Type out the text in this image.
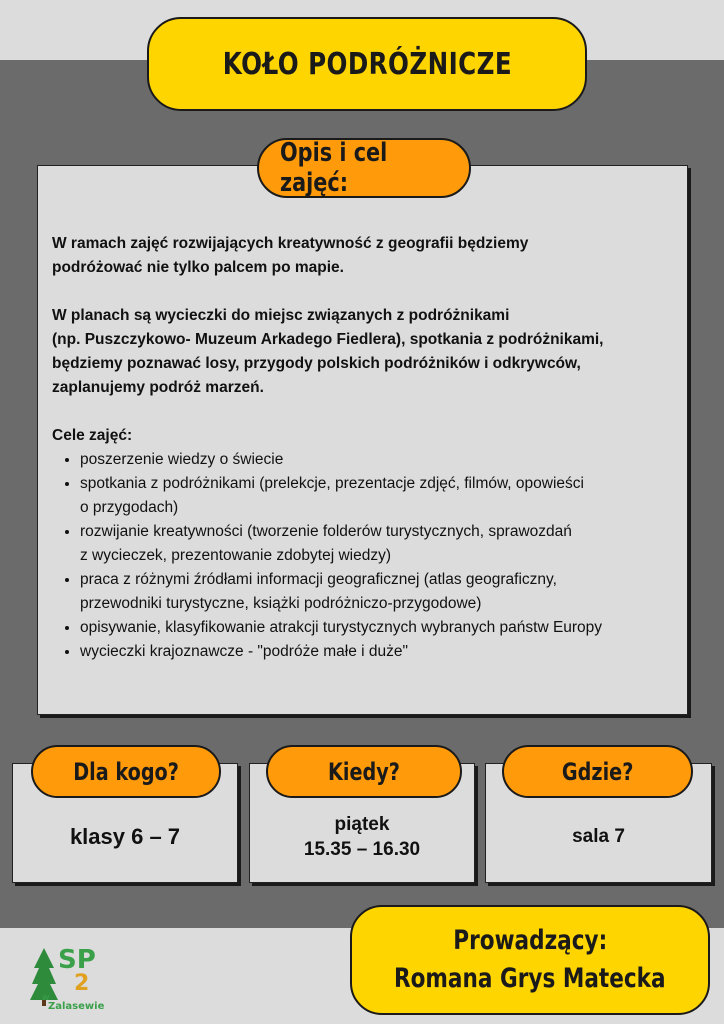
KOŁO PODRÓŻNICZE
Opis i cel zajęć:

W ramach zajęć rozwijających kreatywność z geografii będziemy
podróżować nie tylko palcem po mapie.

W planach są wycieczki do miejsc związanych z podróżnikami
(np. Puszczykowo- Muzeum Arkadego Fiedlera), spotkania z podróżnikami,
będziemy poznawać losy, przygody polskich podróżników i odkrywców,
zaplanujemy podróż marzeń.

Cele zajęć:

• poszerzenie wiedzy o świecie
• spotkania z podróżnikami (prelekcje, prezentacje zdjęć, filmów, opowieści
o przygodach)
• rozwijanie kreatywności (tworzenie folderów turystycznych, sprawozdań
z wycieczek, prezentowanie zdobytej wiedzy)
• praca z różnymi źródłami informacji geograficznej (atlas geograficzny,
przewodniki turystyczne, książki podróżniczo-przygodowe)
• opisywanie, klasyfikowanie atrakcji turystycznych wybranych państw Europy
• wycieczki krajoznawcze - "podróże małe i duże"
klasy 6 – 7	piątek
15.35 – 16.30
sala 7
Dla kogo?	Kiedy?	Gdzie?
Prowadzący:
Romana Grys Matecka
SP
2
w
Zalasewie
